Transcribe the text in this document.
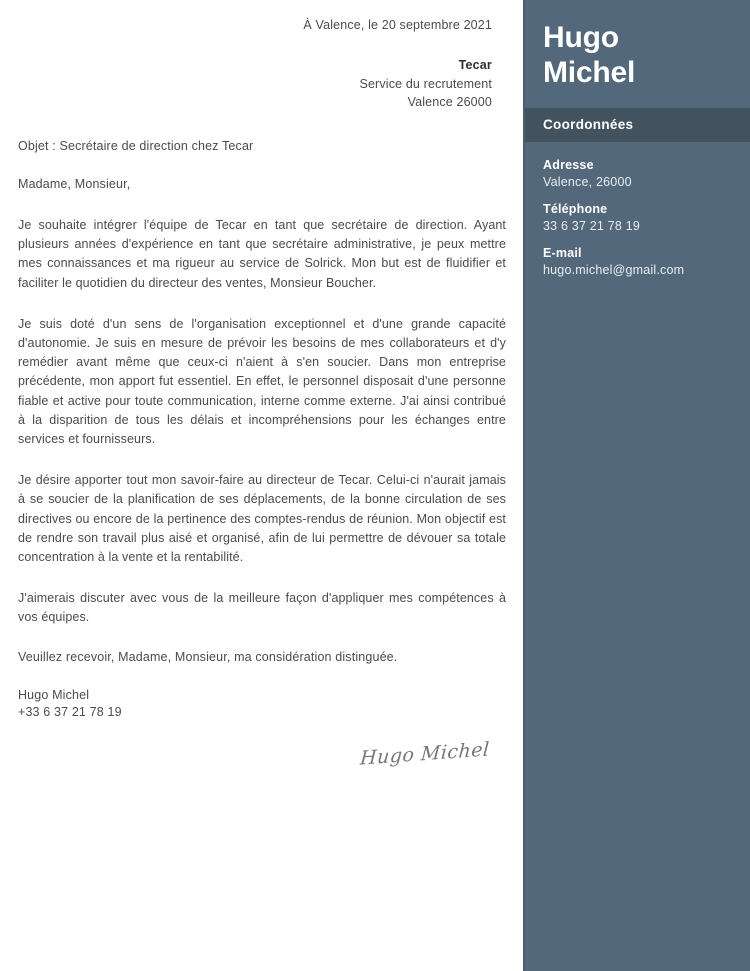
À Valence, le 20 septembre 2021

Tecar

Service du recrutement

Valence 26000

Objet : Secrétaire de direction chez Tecar

Madame, Monsieur,

Je souhaite intégrer l'équipe de Tecar en tant que secrétaire de direction. Ayant plusieurs années d'expérience en tant que secrétaire administrative, je peux mettre mes connaissances et ma rigueur au service de Solrick. Mon but est de fluidifier et faciliter le quotidien du directeur des ventes, Monsieur Boucher.

Je suis doté d'un sens de l'organisation exceptionnel et d'une grande capacité d'autonomie. Je suis en mesure de prévoir les besoins de mes collaborateurs et d'y remédier avant même que ceux-ci n'aient à s'en soucier. Dans mon entreprise précédente, mon apport fut essentiel. En effet, le personnel disposait d'une personne fiable et active pour toute communication, interne comme externe. J'ai ainsi contribué à la disparition de tous les délais et incompréhensions pour les échanges entre services et fournisseurs.

Je désire apporter tout mon savoir-faire au directeur de Tecar. Celui-ci n'aurait jamais à se soucier de la planification de ses déplacements, de la bonne circulation de ses directives ou encore de la pertinence des comptes-rendus de réunion. Mon objectif est de rendre son travail plus aisé et organisé, afin de lui permettre de dévouer sa totale concentration à la vente et la rentabilité.

J'aimerais discuter avec vous de la meilleure façon d'appliquer mes compétences à vos équipes.

Veuillez recevoir, Madame, Monsieur, ma considération distinguée.

Hugo Michel

+33 6 37 21 78 19

Hugo Michel
Hugo
Michel
Coordonnées
Adresse
Valence, 26000
Téléphone
33 6 37 21 78 19
E-mail
hugo.michel@gmail.com
